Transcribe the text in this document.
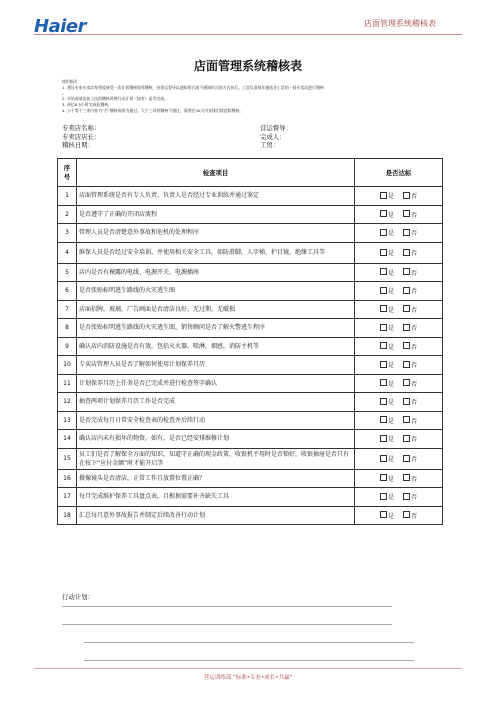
Haier	店面管理系统稽核表
店面管理系统稽核表
使用指引：
1. 建设专家专卖店每季度接受一次计划稽核保养稽核，由督运督导以通知形式或不通知形式的方式执行。工贸负责每年抽选各工贸的一间专卖店进行稽核
。
2. 开始前请出前上次的稽核改善行动计划（如有）是否完成。
3. 预估0.5小时完成此稽核。
4. 小于等于三项内容为“否”稽核成绩为通过。大于三项则稽核不通过，需要在30天内安排后续追踪稽核。
专卖店名称：
专卖店店长：
稽核日期：
营运督导：
完成人：
工贸：
序
号	检查项目	是否达标
1	店面管理系统是否有专人负责、负责人是否经过专业训练并通过鉴定	是 否
2	是否遵守了正确的开闭店流程	是 否
3	管理人员是否清楚意外事故和危机的处理程序	是 否
4	维保人员是否经过安全培训、并使用相关安全工具，如防滑脚，人字梯，护目镜，绝缘工具等	是 否
5	店内是否有裸露的电线、电源开关、电源插座	是 否
6	是否张贴标明逃生路线的火灾逃生图	是 否
7	店面招牌，玻璃，广告画面是否清洁良好，无过期，无破损	是 否
8	是否张贴标明逃生路线的火灾逃生图，销售顾问是否了解火警逃生程序	是 否
9	确认店内消防设施是否有效，包括灭火器，喷淋，烟感，消防主机等	是 否
10	专卖店管理人员是否了解如何使用计划保养月历	是 否
11	计划保养月历上任务是否已完成并进行检查签字确认	是 否
12	抽查两项计划保养月历工作是否完成	是 否
13	是否完成每月日常安全检查表的检查并后续行动	是 否
14	确认店内未有损坏的物资，如有，是否已经安排维修计划	是 否
15	员工们是否了解保全方面的知识，知道守正确的现金政策，收银机不用时是否锁好，收银抽屉是否只有在按下“应付金额”时才能开启等	是 否
16	摄像镜头是否清洁，正常工作且放置位置正确？	是 否
17	每月完成维护保养工具盘点表，且根据需要补齐缺失工具	是 否
18	汇总每月意外事故报告并制定后续改善行动计划	是 否
行动计划：
营运训练部 “标准•专业•成长•共赢”
